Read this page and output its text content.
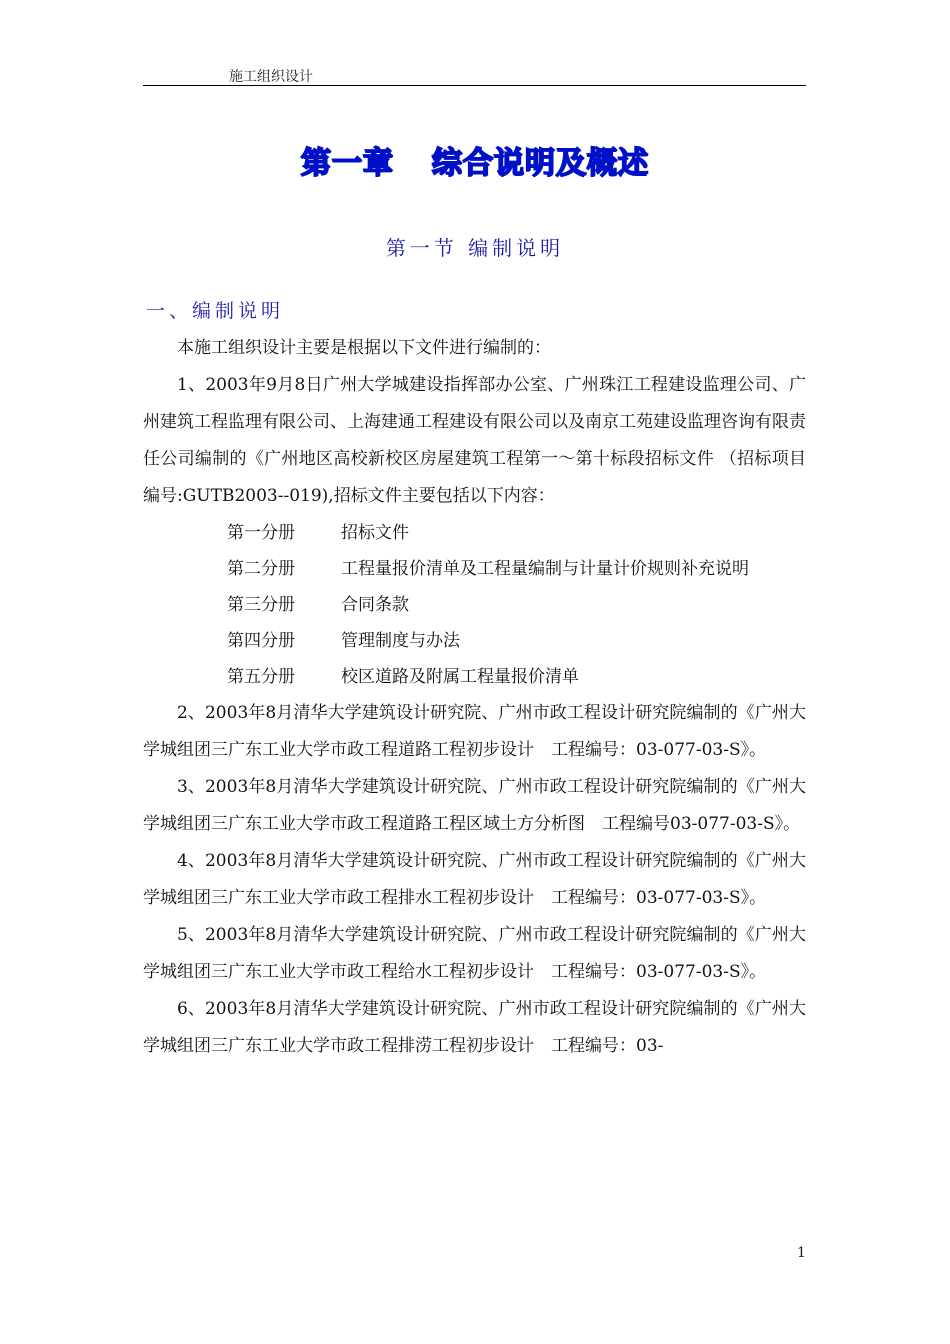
施工组织设计
第一章 综合说明及概述
第一节 编制说明
一、编制说明

本施工组织设计主要是根据以下文件进行编制的：

1、2003年9月8日广州大学城建设指挥部办公室、广州珠江工程建设监理公司、广州建筑工程监理有限公司、上海建通工程建设有限公司以及南京工苑建设监理咨询有限责任公司编制的《广州地区高校新校区房屋建筑工程第一～第十标段招标文件 （招标项目编号:GUTB2003--019),招标文件主要包括以下内容：

第一分册	招标文件
第二分册	工程量报价清单及工程量编制与计量计价规则补充说明
第三分册	合同条款
第四分册	管理制度与办法
第五分册	校区道路及附属工程量报价清单

2、2003年8月清华大学建筑设计研究院、广州市政工程设计研究院编制的《广州大学城组团三广东工业大学市政工程道路工程初步设计　工程编号：03-077-03-S》。

3、2003年8月清华大学建筑设计研究院、广州市政工程设计研究院编制的《广州大学城组团三广东工业大学市政工程道路工程区域土方分析图　工程编号03-077-03-S》。

4、2003年8月清华大学建筑设计研究院、广州市政工程设计研究院编制的《广州大学城组团三广东工业大学市政工程排水工程初步设计　工程编号：03-077-03-S》。

5、2003年8月清华大学建筑设计研究院、广州市政工程设计研究院编制的《广州大学城组团三广东工业大学市政工程给水工程初步设计　工程编号：03-077-03-S》。

6、2003年8月清华大学建筑设计研究院、广州市政工程设计研究院编制的《广州大学城组团三广东工业大学市政工程排涝工程初步设计　工程编号：03-

1
